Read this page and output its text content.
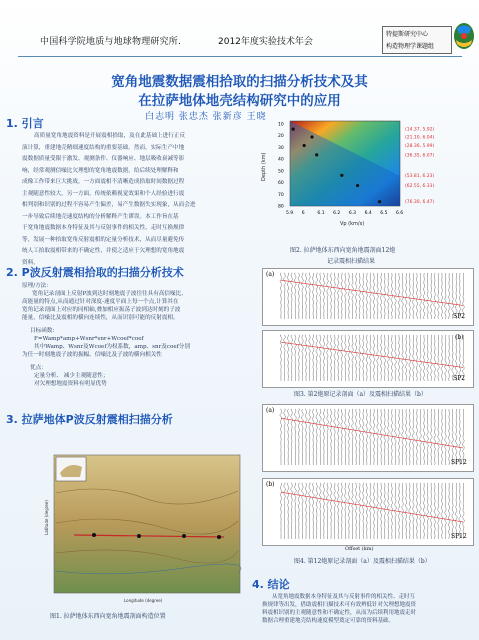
中国科学院地质与地球物理研究所.	2012年度实验技术年会
特提斯研究中心
构造物理学课题组
宽角地震数据震相拾取的扫描分析技术及其
在拉萨地体地壳结构研究中的应用
白志明 张忠杰 张新彦 王晓
1. 引言
高质量宽角地震资料是开展震相拾取，及在此基础上进行正反
演计算，重建地壳精细速度结构的重要基础。然而，实际生产中地
震数据质量受限于激发、观测条件、仪器响应、地层吸收衰减等影
响，经常观测信噪比欠理想的宽角地震数据，给后续处理解释和
成像工作带来巨大挑战。一方面震相不清晰造成拾取时间数据过程
主观随意性较大，另一方面，传统依赖视觉效果和个人经验进行震
相判别和识别的过程不容易产生偏差，易产生数据失实现象，从而会进
一步导致后续地壳速度结构的分析解释产生谬误。本工作旨在基
于宽角地震数据本身特征及其与反射事件的相关性，走时互换规律
等，发展一种拾取宽角反射震相的定量分析技术，从而尽量避免传
统人工拾取震相带来的不确定性，并使之适应于欠理想的宽角地震
资料。
2. P波反射震相拾取的扫描分析技术
原理/方法：
宽角记录剖面上反射P波到达时刻地震子波往往具有高信噪比、
高能量的特点,从而通过针对深度-速度平面上每一个点,计算其在
宽角记录剖面上对应的同相轴,叠加相应振荡子波到达时刻的子波
能量，信噪比及震相的横向连续性，从而识别可能的反射震相。
目标函数:
F=Wamp*amp+Wsnr*snr+Wcoef*coef
其中Wamp、Wsnr及Wcoef为权系数，amp、snr及coef分别
为任一时刻地震子波的振幅、信噪比及子波的横向相关性
优点：
定量分析、 减少主观随意性；
对欠理想地震资料有明显优势
3. 拉萨地体P波反射震相扫描分析
Latitude (degree)
Longitude (degree)
图1. 拉萨地体东西向宽角地震剖面构造位置
Depth (km)
5.9 6	6.1 6.2 6.3 6.4 6.5 6.6
10
20
30
40
50
60
70
80
(14.37, 5.92)
(21.10, 6.04)
(28.36, 5.99)
(36.35, 6.07)
(53.81, 6.23)
(62.55, 6.33)
(76.30, 6.47)
Vp (km/s)
图2. 拉萨地体东西向宽角地震剖面12炮
记录震相扫描结果
(a)
SP2
(b)
SP2
图3. 第2炮原记录剖面（a）及震相扫描结果（b）
(a)
SP12
(b)
SP12
Offset (km)
图4. 第12炮原记录剖面（a）及震相扫描结果（b）
4. 结论
从宽角地震数据本身特征及其与反射事件的相关性、走时互
换规律等出发，借助震相扫描技术可有效辨低针对欠理想地震资
料震相识别的主观随意性和不确定性，从而为后续利用地震走时
数据合理重建地壳结构速度模型奠定可靠的资料基础。
